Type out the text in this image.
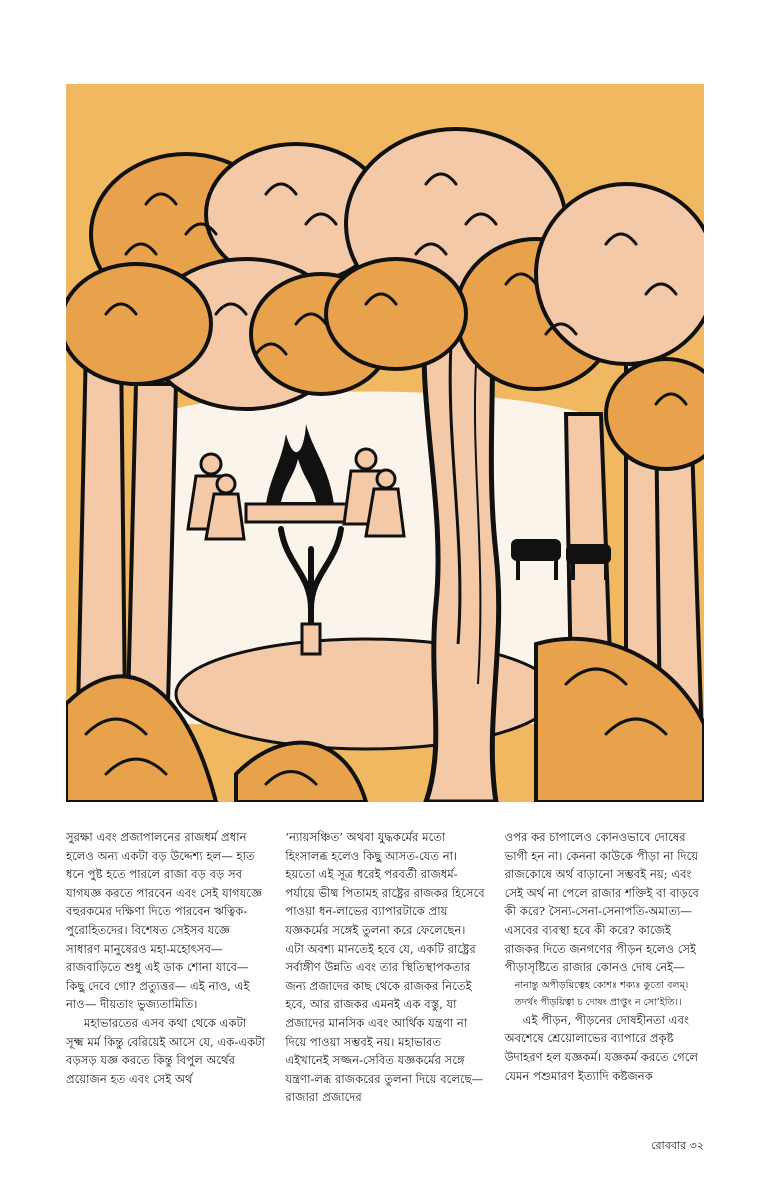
সুরক্ষা এবং প্রজাপালনের রাজধর্ম প্রধান হলেও অন্য একটা বড় উদ্দেশ্য হল— হাত ধনে পুষ্ট হতে পারলে রাজা বড় বড় সব যাগযজ্ঞ করতে পারবেন এবং সেই যাগযজ্ঞে বহুরকমের দক্ষিণা দিতে পারবেন ঋত্বিক-পুরোহিতদের। বিশেষত সেইসব যজ্ঞে সাধারণ মানুষেরও মহা-মহোৎসব— রাজবাড়িতে শুধু এই ডাক শোনা যাবে— কিছু দেবে গো? প্রত্যুত্তর— এই নাও, এই নাও— দীয়তাং ভুজ্যতামিতি।

মহাভারতের এসব কথা থেকে একটা সূক্ষ্ম মর্ম কিন্তু বেরিয়েই আসে যে, এক-একটা বড়সড় যজ্ঞ করতে কিন্তু বিপুল অর্থের প্রয়োজন হত এবং সেই অর্থ

‘ন্যায়সঞ্চিত’ অথবা যুদ্ধকর্মের মতো হিংসালব্ধ হলেও কিছু আসত-যেত না। হয়তো এই সূত্র ধরেই পরবর্তী রাজধর্ম-পর্যায়ে ভীষ্ম পিতামহ রাষ্ট্রের রাজকর হিসেবে পাওয়া ধন-লাভের ব্যাপারটাকে প্রায় যজ্ঞকর্মের সঙ্গেই তুলনা করে ফেলেছেন। এটা অবশ্য মানতেই হবে যে, একটি রাষ্ট্রের সর্বাঙ্গীণ উন্নতি এবং তার স্থিতিস্থাপকতার জন্য প্রজাদের কাছ থেকে রাজকর নিতেই হবে, আর রাজকর এমনই এক বস্তু, যা প্রজাদের মানসিক এবং আর্থিক যন্ত্রণা না দিয়ে পাওয়া সম্ভবই নয়। মহাভারত এইখানেই সজ্জন-সেবিত যজ্ঞকর্মের সঙ্গে যন্ত্রণা-লব্ধ রাজকরের তুলনা দিয়ে বলেছে— রাজারা প্রজাদের

ওপর কর চাপালেও কোনওভাবে দোষের ভাগী হন না। কেননা কাউকে পীড়া না দিয়ে রাজকোষে অর্থ বাড়ানো সম্ভবই নয়; এবং সেই অর্থ না পেলে রাজার শক্তিই বা বাড়বে কী করে? সৈন্য-সেনা-সেনাপতি-অমাত্য— এসবের ব্যবস্থা হবে কী করে? কাজেই রাজকর দিতে জনগণের পীড়ন হলেও সেই পীড়াসৃষ্টিতে রাজার কোনও দোষ নেই—

নানান্তু অপীড়য়িত্বেহ কোশঃ শক্যঃ কুতো বলম্।
তদর্থং পীড়য়িত্বা চ দোষং প্রাপ্তুং ন সো’ইতি।।

এই পীড়ন, পীড়নের দোষহীনতা এবং অবশেষে শ্রেয়োলাভের ব্যাপারে প্রকৃষ্ট উদাহরণ হল যজ্ঞকর্ম। যজ্ঞকর্ম করতে গেলে যেমন পশুমারণ ইত্যাদি কষ্টজনক

রোববার ৩২
